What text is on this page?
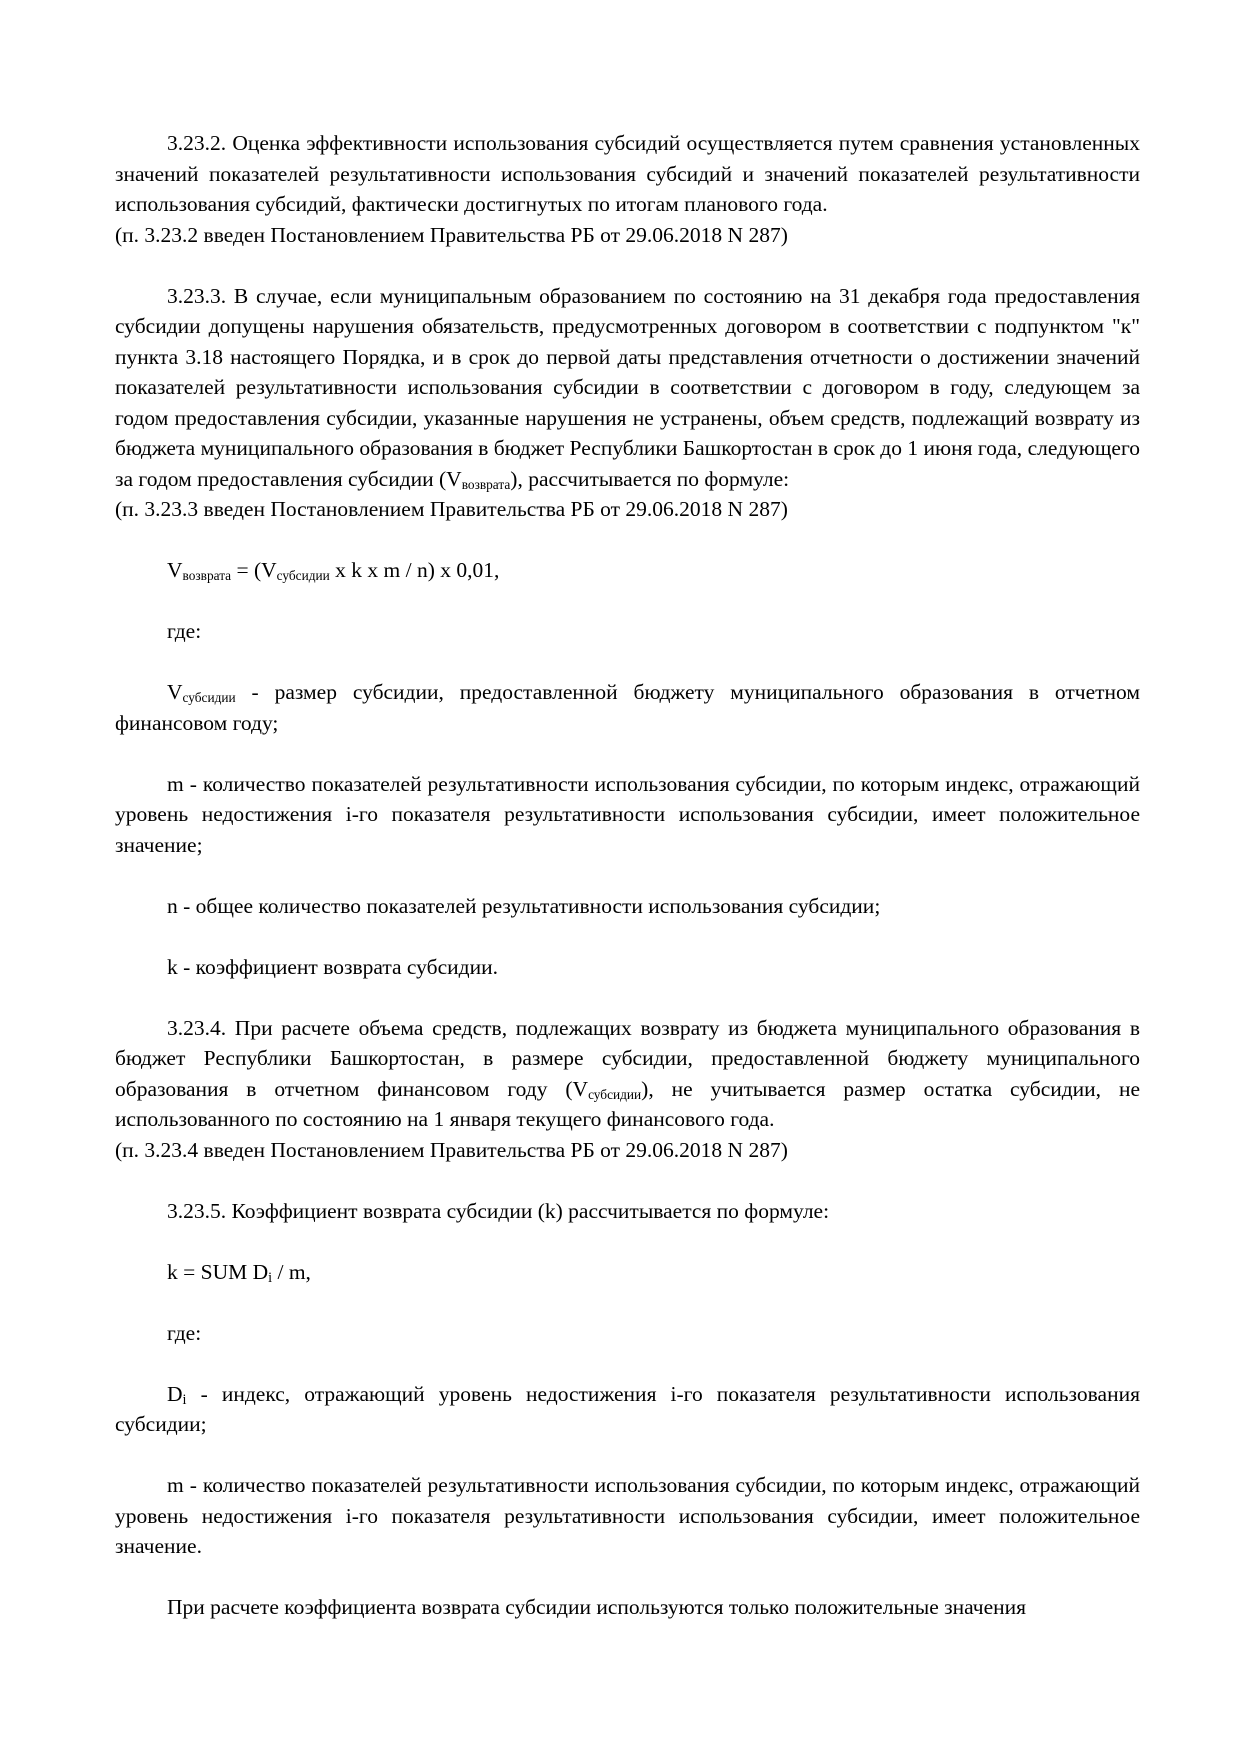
3.23.2. Оценка эффективности использования субсидий осуществляется путем сравнения установленных значений показателей результативности использования субсидий и значений показателей результативности использования субсидий, фактически достигнутых по итогам планового года.

(п. 3.23.2 введен Постановлением Правительства РБ от 29.06.2018 N 287)

3.23.3. В случае, если муниципальным образованием по состоянию на 31 декабря года предоставления субсидии допущены нарушения обязательств, предусмотренных договором в соответствии с подпунктом "к" пункта 3.18 настоящего Порядка, и в срок до первой даты представления отчетности о достижении значений показателей результативности использования субсидии в соответствии с договором в году, следующем за годом предоставления субсидии, указанные нарушения не устранены, объем средств, подлежащий возврату из бюджета муниципального образования в бюджет Республики Башкортостан в срок до 1 июня года, следующего за годом предоставления субсидии $(V_{возврата})$, рассчитывается по формуле:

(п. 3.23.3 введен Постановлением Правительства РБ от 29.06.2018 N 287)

$V_{возврата} = (V_{субсидии}$ x k x m / n) x 0,01,

где:

$V_{субсидии}$ - размер субсидии, предоставленной бюджету муниципального образования в отчетном финансовом году;

m - количество показателей результативности использования субсидии, по которым индекс, отражающий уровень недостижения i-го показателя результативности использования субсидии, имеет положительное значение;

n - общее количество показателей результативности использования субсидии;

k - коэффициент возврата субсидии.

3.23.4. При расчете объема средств, подлежащих возврату из бюджета муниципального образования в бюджет Республики Башкортостан, в размере субсидии, предоставленной бюджету муниципального образования в отчетном финансовом году $(V_{субсидии})$, не учитывается размер остатка субсидии, не использованного по состоянию на 1 января текущего финансового года.

(п. 3.23.4 введен Постановлением Правительства РБ от 29.06.2018 N 287)

3.23.5. Коэффициент возврата субсидии (k) рассчитывается по формуле:

k = SUM $D_i$ / m,

где:

$D_i$ - индекс, отражающий уровень недостижения i-го показателя результативности использования субсидии;

m - количество показателей результативности использования субсидии, по которым индекс, отражающий уровень недостижения i-го показателя результативности использования субсидии, имеет положительное значение.

При расчете коэффициента возврата субсидии используются только положительные значения
